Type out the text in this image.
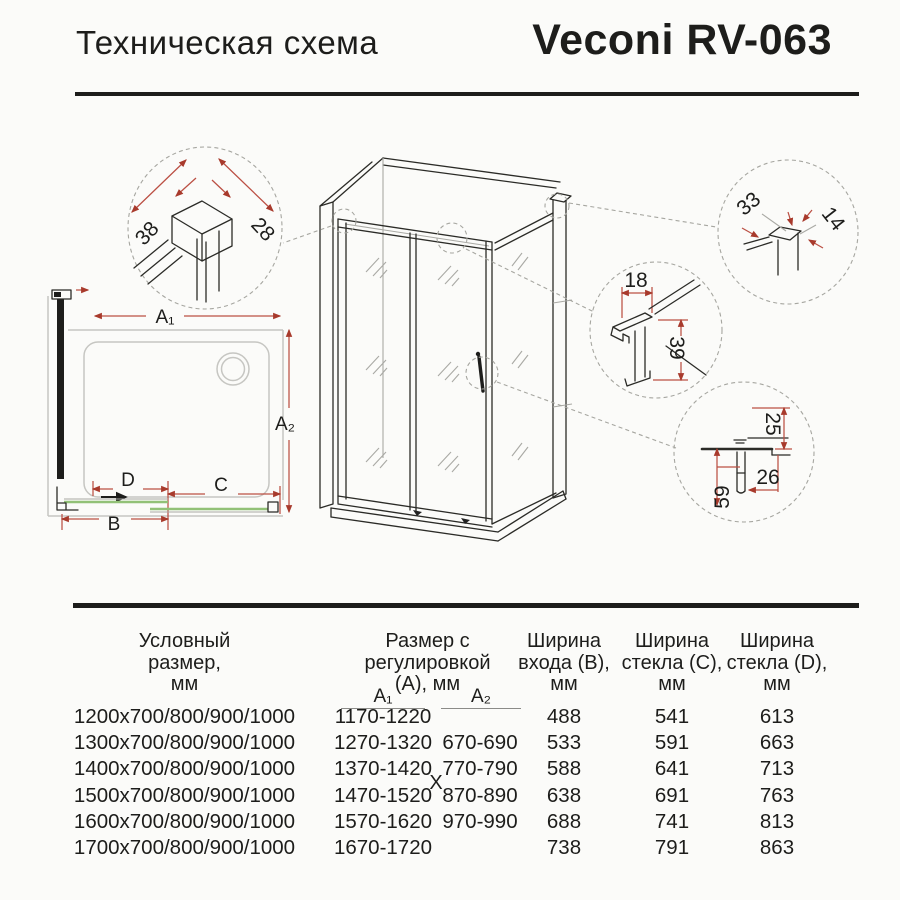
Техническая схема	Veconi RV-063
A₁
A₂
D	C
B
38	28
33 14
18
39
25
26
59
Условный
размер,
мм
Размер с
регулировкой
(А), мм
А₁	А₂
Ширина
входа (B),
мм
Ширина
стекла (C),
мм
Ширина
стекла (D),
мм
X
1200x700/800/900/1000	1170-1220	488	541	613
1300x700/800/900/1000	1270-1320 670-690	533	591	663
1400x700/800/900/1000	1370-1420 770-790	588	641	713
1500x700/800/900/1000	1470-1520 870-890	638	691	763
1600x700/800/900/1000	1570-1620 970-990	688	741	813
1700x700/800/900/1000	1670-1720	738	791	863
